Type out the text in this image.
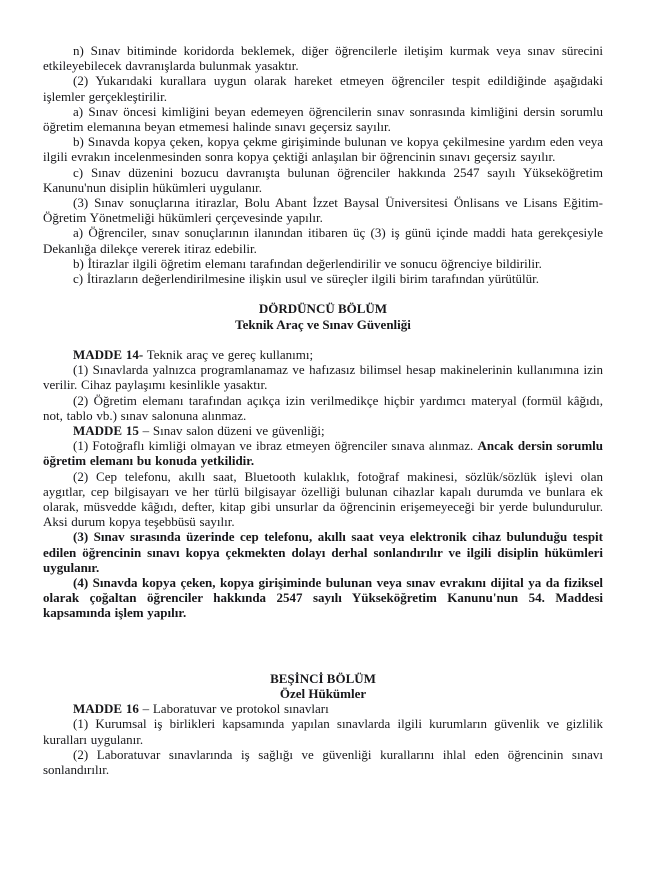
n) Sınav bitiminde koridorda beklemek, diğer öğrencilerle iletişim kurmak veya sınav sürecini etkileyebilecek davranışlarda bulunmak yasaktır.

(2) Yukarıdaki kurallara uygun olarak hareket etmeyen öğrenciler tespit edildiğinde aşağıdaki işlemler gerçekleştirilir.

a) Sınav öncesi kimliğini beyan edemeyen öğrencilerin sınav sonrasında kimliğini dersin sorumlu öğretim elemanına beyan etmemesi halinde sınavı geçersiz sayılır.

b) Sınavda kopya çeken, kopya çekme girişiminde bulunan ve kopya çekilmesine yardım eden veya ilgili evrakın incelenmesinden sonra kopya çektiği anlaşılan bir öğrencinin sınavı geçersiz sayılır.

c) Sınav düzenini bozucu davranışta bulunan öğrenciler hakkında 2547 sayılı Yükseköğretim Kanunu'nun disiplin hükümleri uygulanır.

(3) Sınav sonuçlarına itirazlar, Bolu Abant İzzet Baysal Üniversitesi Önlisans ve Lisans Eğitim-Öğretim Yönetmeliği hükümleri çerçevesinde yapılır.

a) Öğrenciler, sınav sonuçlarının ilanından itibaren üç (3) iş günü içinde maddi hata gerekçesiyle Dekanlığa dilekçe vererek itiraz edebilir.

b) İtirazlar ilgili öğretim elemanı tarafından değerlendirilir ve sonucu öğrenciye bildirilir.

c) İtirazların değerlendirilmesine ilişkin usul ve süreçler ilgili birim tarafından yürütülür.

DÖRDÜNCÜ BÖLÜM
Teknik Araç ve Sınav Güvenliği

MADDE 14- Teknik araç ve gereç kullanımı;

(1) Sınavlarda yalnızca programlanamaz ve hafızasız bilimsel hesap makinelerinin kullanımına izin verilir. Cihaz paylaşımı kesinlikle yasaktır.

(2) Öğretim elemanı tarafından açıkça izin verilmedikçe hiçbir yardımcı materyal (formül kâğıdı, not, tablo vb.) sınav salonuna alınmaz.

MADDE 15 – Sınav salon düzeni ve güvenliği;

(1) Fotoğraflı kimliği olmayan ve ibraz etmeyen öğrenciler sınava alınmaz. Ancak dersin sorumlu öğretim elemanı bu konuda yetkilidir.

(2) Cep telefonu, akıllı saat, Bluetooth kulaklık, fotoğraf makinesi, sözlük/sözlük işlevi olan aygıtlar, cep bilgisayarı ve her türlü bilgisayar özelliği bulunan cihazlar kapalı durumda ve bunlara ek olarak, müsvedde kâğıdı, defter, kitap gibi unsurlar da öğrencinin erişemeyeceği bir yerde bulundurulur. Aksi durum kopya teşebbüsü sayılır.

(3) Sınav sırasında üzerinde cep telefonu, akıllı saat veya elektronik cihaz bulunduğu tespit edilen öğrencinin sınavı kopya çekmekten dolayı derhal sonlandırılır ve ilgili disiplin hükümleri uygulanır.

(4) Sınavda kopya çeken, kopya girişiminde bulunan veya sınav evrakını dijital ya da fiziksel olarak çoğaltan öğrenciler hakkında 2547 sayılı Yükseköğretim Kanunu'nun 54. Maddesi kapsamında işlem yapılır.

BEŞİNCİ BÖLÜM
Özel Hükümler

MADDE 16 – Laboratuvar ve protokol sınavları

(1) Kurumsal iş birlikleri kapsamında yapılan sınavlarda ilgili kurumların güvenlik ve gizlilik kuralları uygulanır.

(2) Laboratuvar sınavlarında iş sağlığı ve güvenliği kurallarını ihlal eden öğrencinin sınavı sonlandırılır.
